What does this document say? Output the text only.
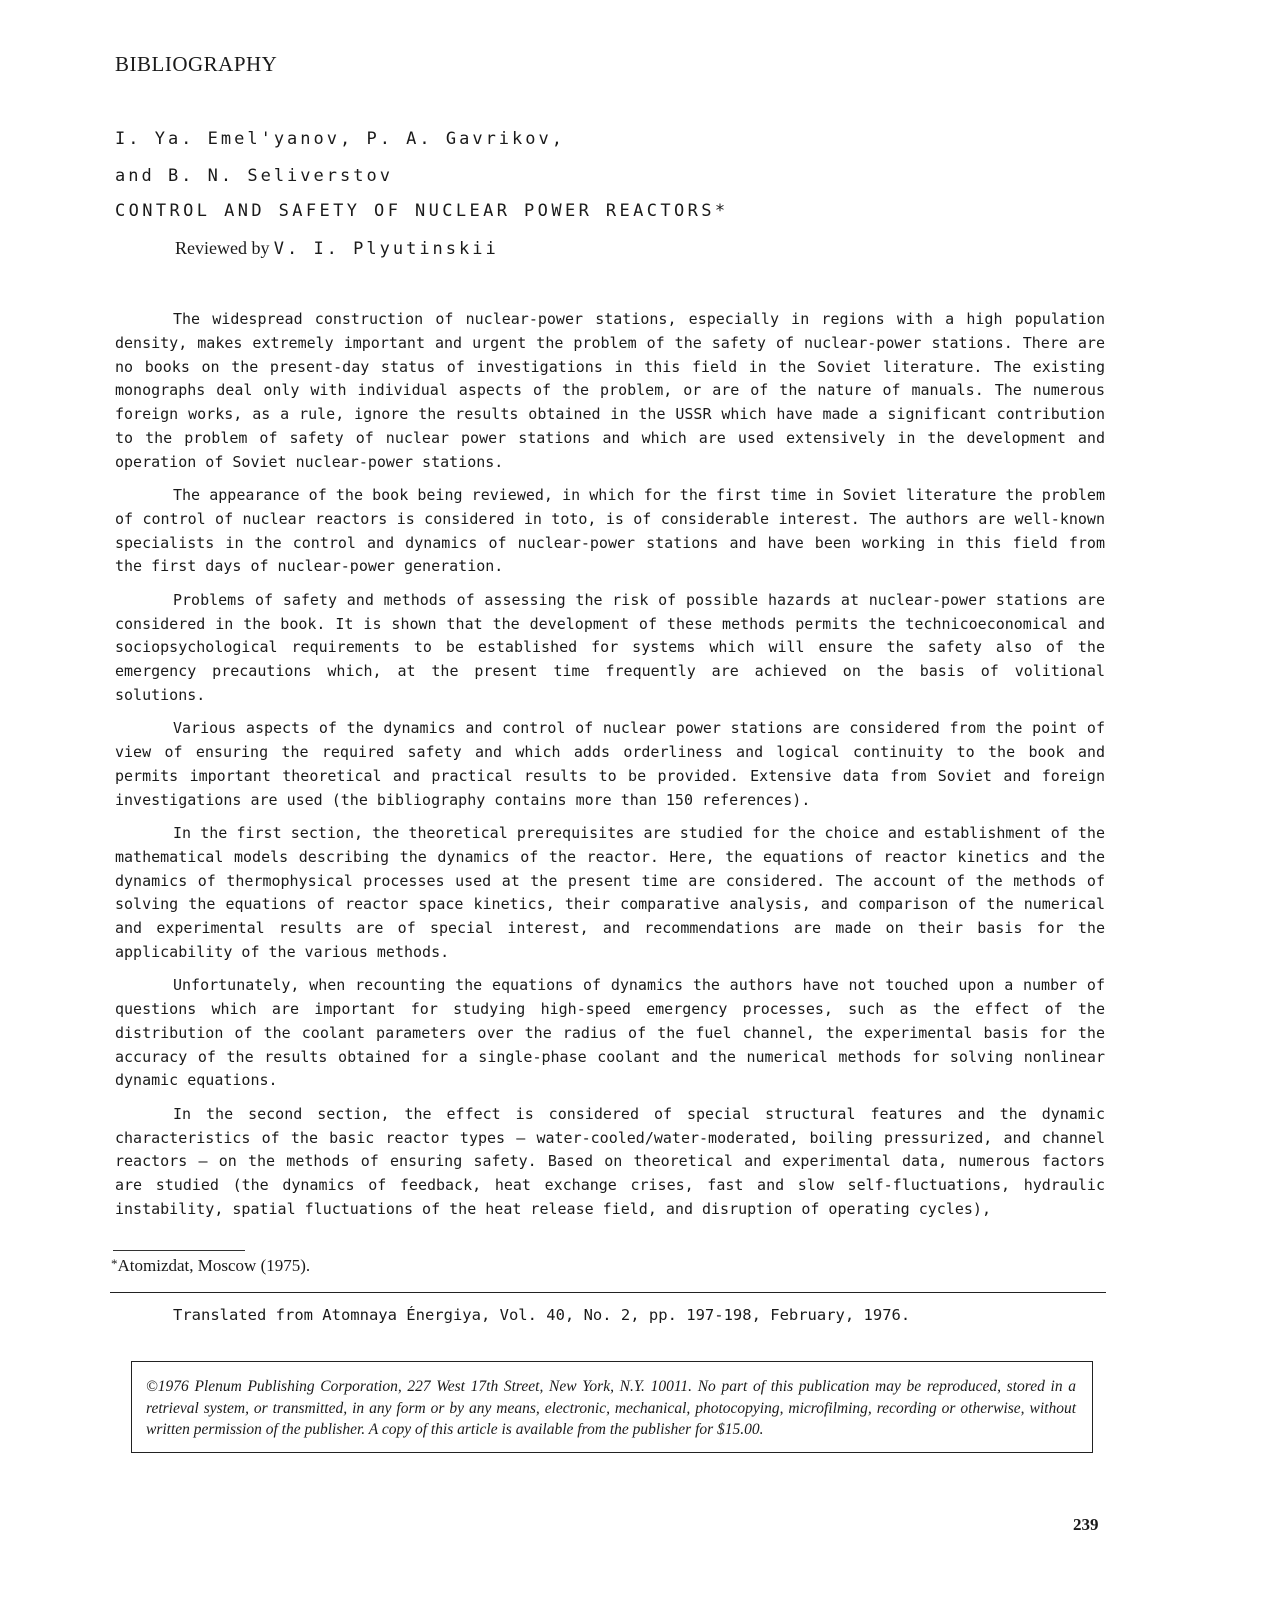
BIBLIOGRAPHY
I. Ya. Emel'yanov, P. A. Gavrikov,
and B. N. Seliverstov
CONTROL AND SAFETY OF NUCLEAR POWER REACTORS*
Reviewed by V. I. Plyutinskii

The widespread construction of nuclear-power stations, especially in regions with a high population density, makes extremely important and urgent the problem of the safety of nuclear-power stations. There are no books on the present-day status of investigations in this field in the Soviet literature. The existing monographs deal only with individual aspects of the problem, or are of the nature of manuals. The numerous foreign works, as a rule, ignore the results obtained in the USSR which have made a significant contribution to the problem of safety of nuclear power stations and which are used extensively in the development and operation of Soviet nuclear-power stations.

The appearance of the book being reviewed, in which for the first time in Soviet literature the problem of control of nuclear reactors is considered in toto, is of considerable interest. The authors are well-known specialists in the control and dynamics of nuclear-power stations and have been working in this field from the first days of nuclear-power generation.

Problems of safety and methods of assessing the risk of possible hazards at nuclear-power stations are considered in the book. It is shown that the development of these methods permits the technicoeconomical and sociopsychological requirements to be established for systems which will ensure the safety also of the emergency precautions which, at the present time frequently are achieved on the basis of volitional solutions.

Various aspects of the dynamics and control of nuclear power stations are considered from the point of view of ensuring the required safety and which adds orderliness and logical continuity to the book and permits important theoretical and practical results to be provided. Extensive data from Soviet and foreign investigations are used (the bibliography contains more than 150 references).

In the first section, the theoretical prerequisites are studied for the choice and establishment of the mathematical models describing the dynamics of the reactor. Here, the equations of reactor kinetics and the dynamics of thermophysical processes used at the present time are considered. The account of the methods of solving the equations of reactor space kinetics, their comparative analysis, and comparison of the numerical and experimental results are of special interest, and recommendations are made on their basis for the applicability of the various methods.

Unfortunately, when recounting the equations of dynamics the authors have not touched upon a number of questions which are important for studying high-speed emergency processes, such as the effect of the distribution of the coolant parameters over the radius of the fuel channel, the experimental basis for the accuracy of the results obtained for a single-phase coolant and the numerical methods for solving nonlinear dynamic equations.

In the second section, the effect is considered of special structural features and the dynamic characteristics of the basic reactor types – water-cooled/water-moderated, boiling pressurized, and channel reactors – on the methods of ensuring safety. Based on theoretical and experimental data, numerous factors are studied (the dynamics of feedback, heat exchange crises, fast and slow self-fluctuations, hydraulic instability, spatial fluctuations of the heat release field, and disruption of operating cycles),

*Atomizdat, Moscow (1975).
Translated from Atomnaya Énergiya, Vol. 40, No. 2, pp. 197-198, February, 1976.
©1976 Plenum Publishing Corporation, 227 West 17th Street, New York, N.Y. 10011. No part of this publication may be reproduced, stored in a retrieval system, or transmitted, in any form or by any means, electronic, mechanical, photocopying, microfilming, recording or otherwise, without written permission of the publisher. A copy of this article is available from the publisher for $15.00.
239
